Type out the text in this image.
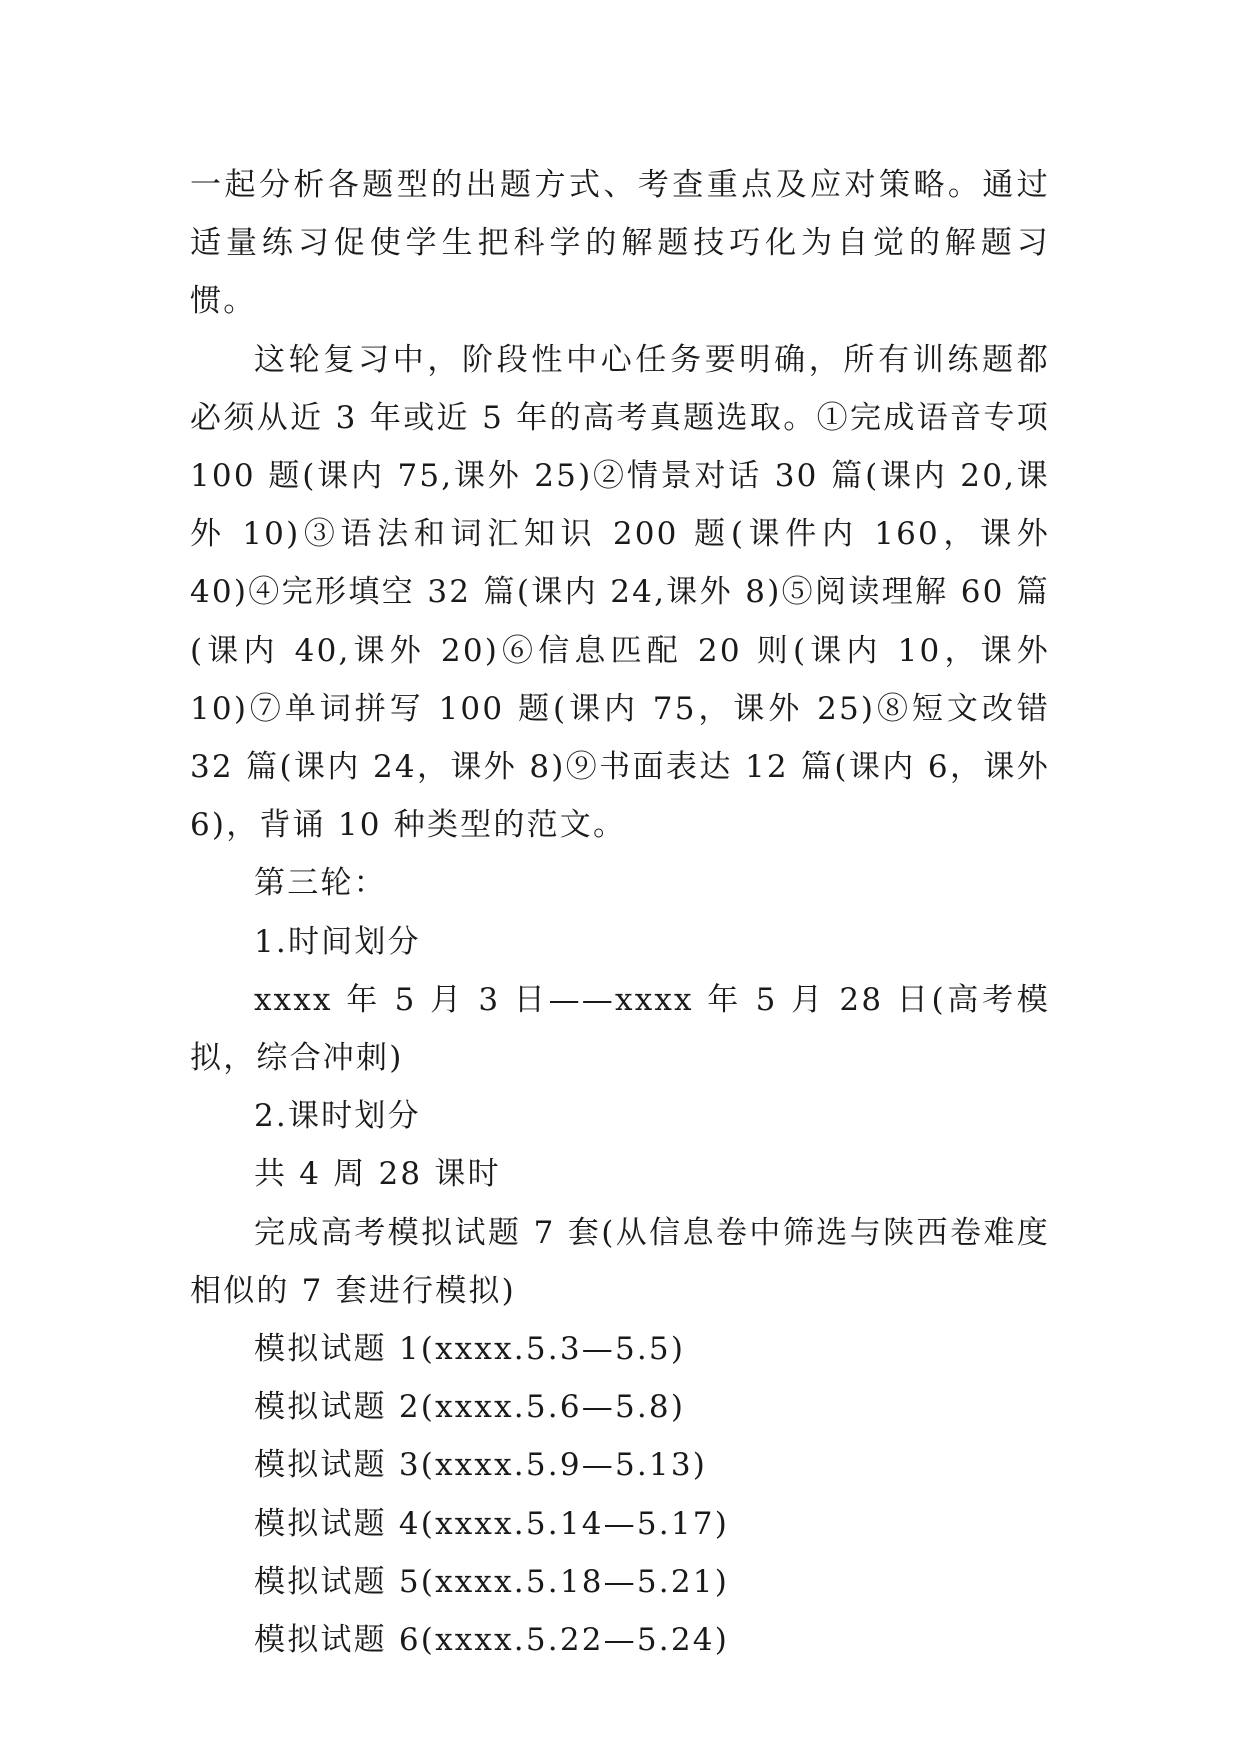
一起分析各题型的出题方式、考查重点及应对策略。通过适量练习促使学生把科学的解题技巧化为自觉的解题习惯。

这轮复习中，阶段性中心任务要明确，所有训练题都必须从近 3 年或近 5 年的高考真题选取。①完成语音专项 100 题(课内 75,课外 25)②情景对话 30 篇(课内 20,课外 10)③语法和词汇知识 200 题(课件内 160，课外 40)④完形填空 32 篇(课内 24,课外 8)⑤阅读理解 60 篇(课内 40,课外 20)⑥信息匹配 20 则(课内 10，课外 10)⑦单词拼写 100 题(课内 75，课外 25)⑧短文改错 32 篇(课内 24，课外 8)⑨书面表达 12 篇(课内 6，课外 6)，背诵 10 种类型的范文。

第三轮：

1.时间划分

xxxx 年 5 月 3 日——xxxx 年 5 月 28 日(高考模拟，综合冲刺)

2.课时划分

共 4 周 28 课时

完成高考模拟试题 7 套(从信息卷中筛选与陕西卷难度相似的 7 套进行模拟)

模拟试题 1(xxxx.5.3—5.5)

模拟试题 2(xxxx.5.6—5.8)

模拟试题 3(xxxx.5.9—5.13)

模拟试题 4(xxxx.5.14—5.17)

模拟试题 5(xxxx.5.18—5.21)

模拟试题 6(xxxx.5.22—5.24)
